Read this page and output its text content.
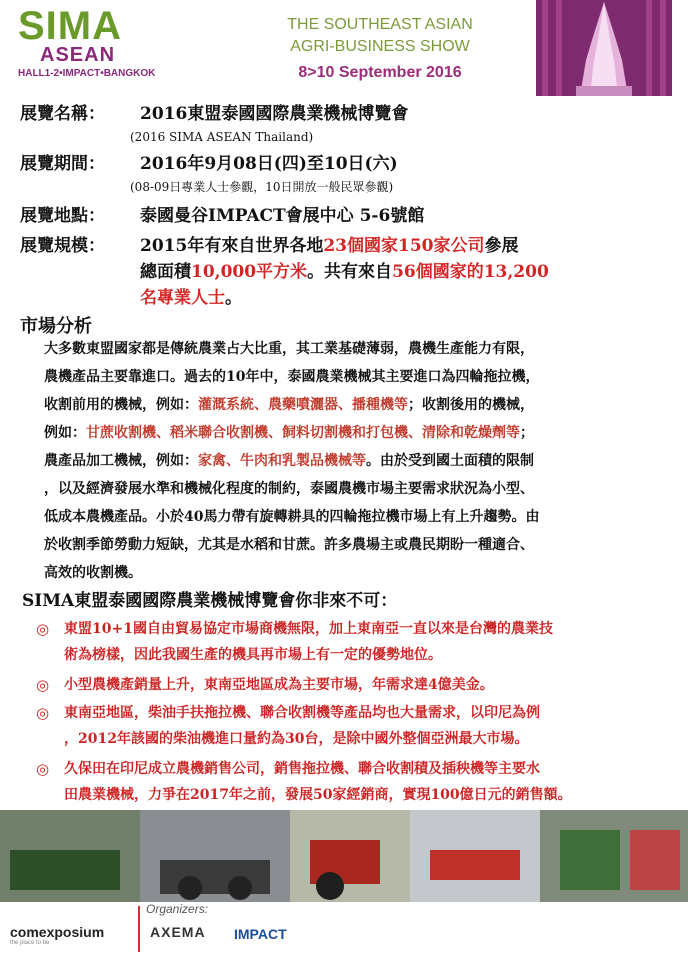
SIMA
ASEAN
HALL1-2•IMPACT•BANGKOK
THE SOUTHEAST ASIAN
AGRI-BUSINESS SHOW
8>10 September 2016
展覽名稱： 2016東盟泰國國際農業機械博覽會
(2016 SIMA ASEAN Thailand)
展覽期間： 2016年9月08日(四)至10日(六)
(08-09日專業人士參觀，10日開放一般民眾參觀)
展覽地點： 泰國曼谷IMPACT會展中心 5-6號館
展覽規模： 2015年有來自世界各地23個國家150家公司參展
總面積10,000平方米。共有來自56個國家的13,200
名專業人士。
市場分析
大多數東盟國家都是傳統農業占大比重，其工業基礎薄弱，農機生產能力有限，
農機產品主要靠進口。過去的10年中，泰國農業機械其主要進口為四輪拖拉機，
收割前用的機械，例如：灌溉系統、農藥噴灑器、播種機等；收割後用的機械，
例如：甘蔗收割機、稻米聯合收割機、飼料切割機和打包機、清除和乾燥劑等；
農產品加工機械，例如：家禽、牛肉和乳製品機械等。由於受到國土面積的限制
，以及經濟發展水準和機械化程度的制約，泰國農機市場主要需求狀況為小型、
低成本農機產品。小於40馬力帶有旋轉耕具的四輪拖拉機市場上有上升趨勢。由
於收割季節勞動力短缺，尤其是水稻和甘蔗。許多農場主或農民期盼一種適合、
高效的收割機。
SIMA東盟泰國國際農業機械博覽會你非來不可：
◎ 東盟10+1國自由貿易協定市場商機無限，加上東南亞一直以來是台灣的農業技
術為榜樣，因此我國生產的機具再市場上有一定的優勢地位。
◎ 小型農機產銷量上升，東南亞地區成為主要市場，年需求達4億美金。
◎ 東南亞地區，柴油手扶拖拉機、聯合收割機等產品均也大量需求，以印尼為例
，2012年該國的柴油機進口量約為30台，是除中國外整個亞洲最大市場。
◎ 久保田在印尼成立農機銷售公司，銷售拖拉機、聯合收割積及插秧機等主要水
田農業機械，力爭在2017年之前，發展50家經銷商，實現100億日元的銷售額。
Organizers:
comexposium
the place to be
AXEMA IMPACT
